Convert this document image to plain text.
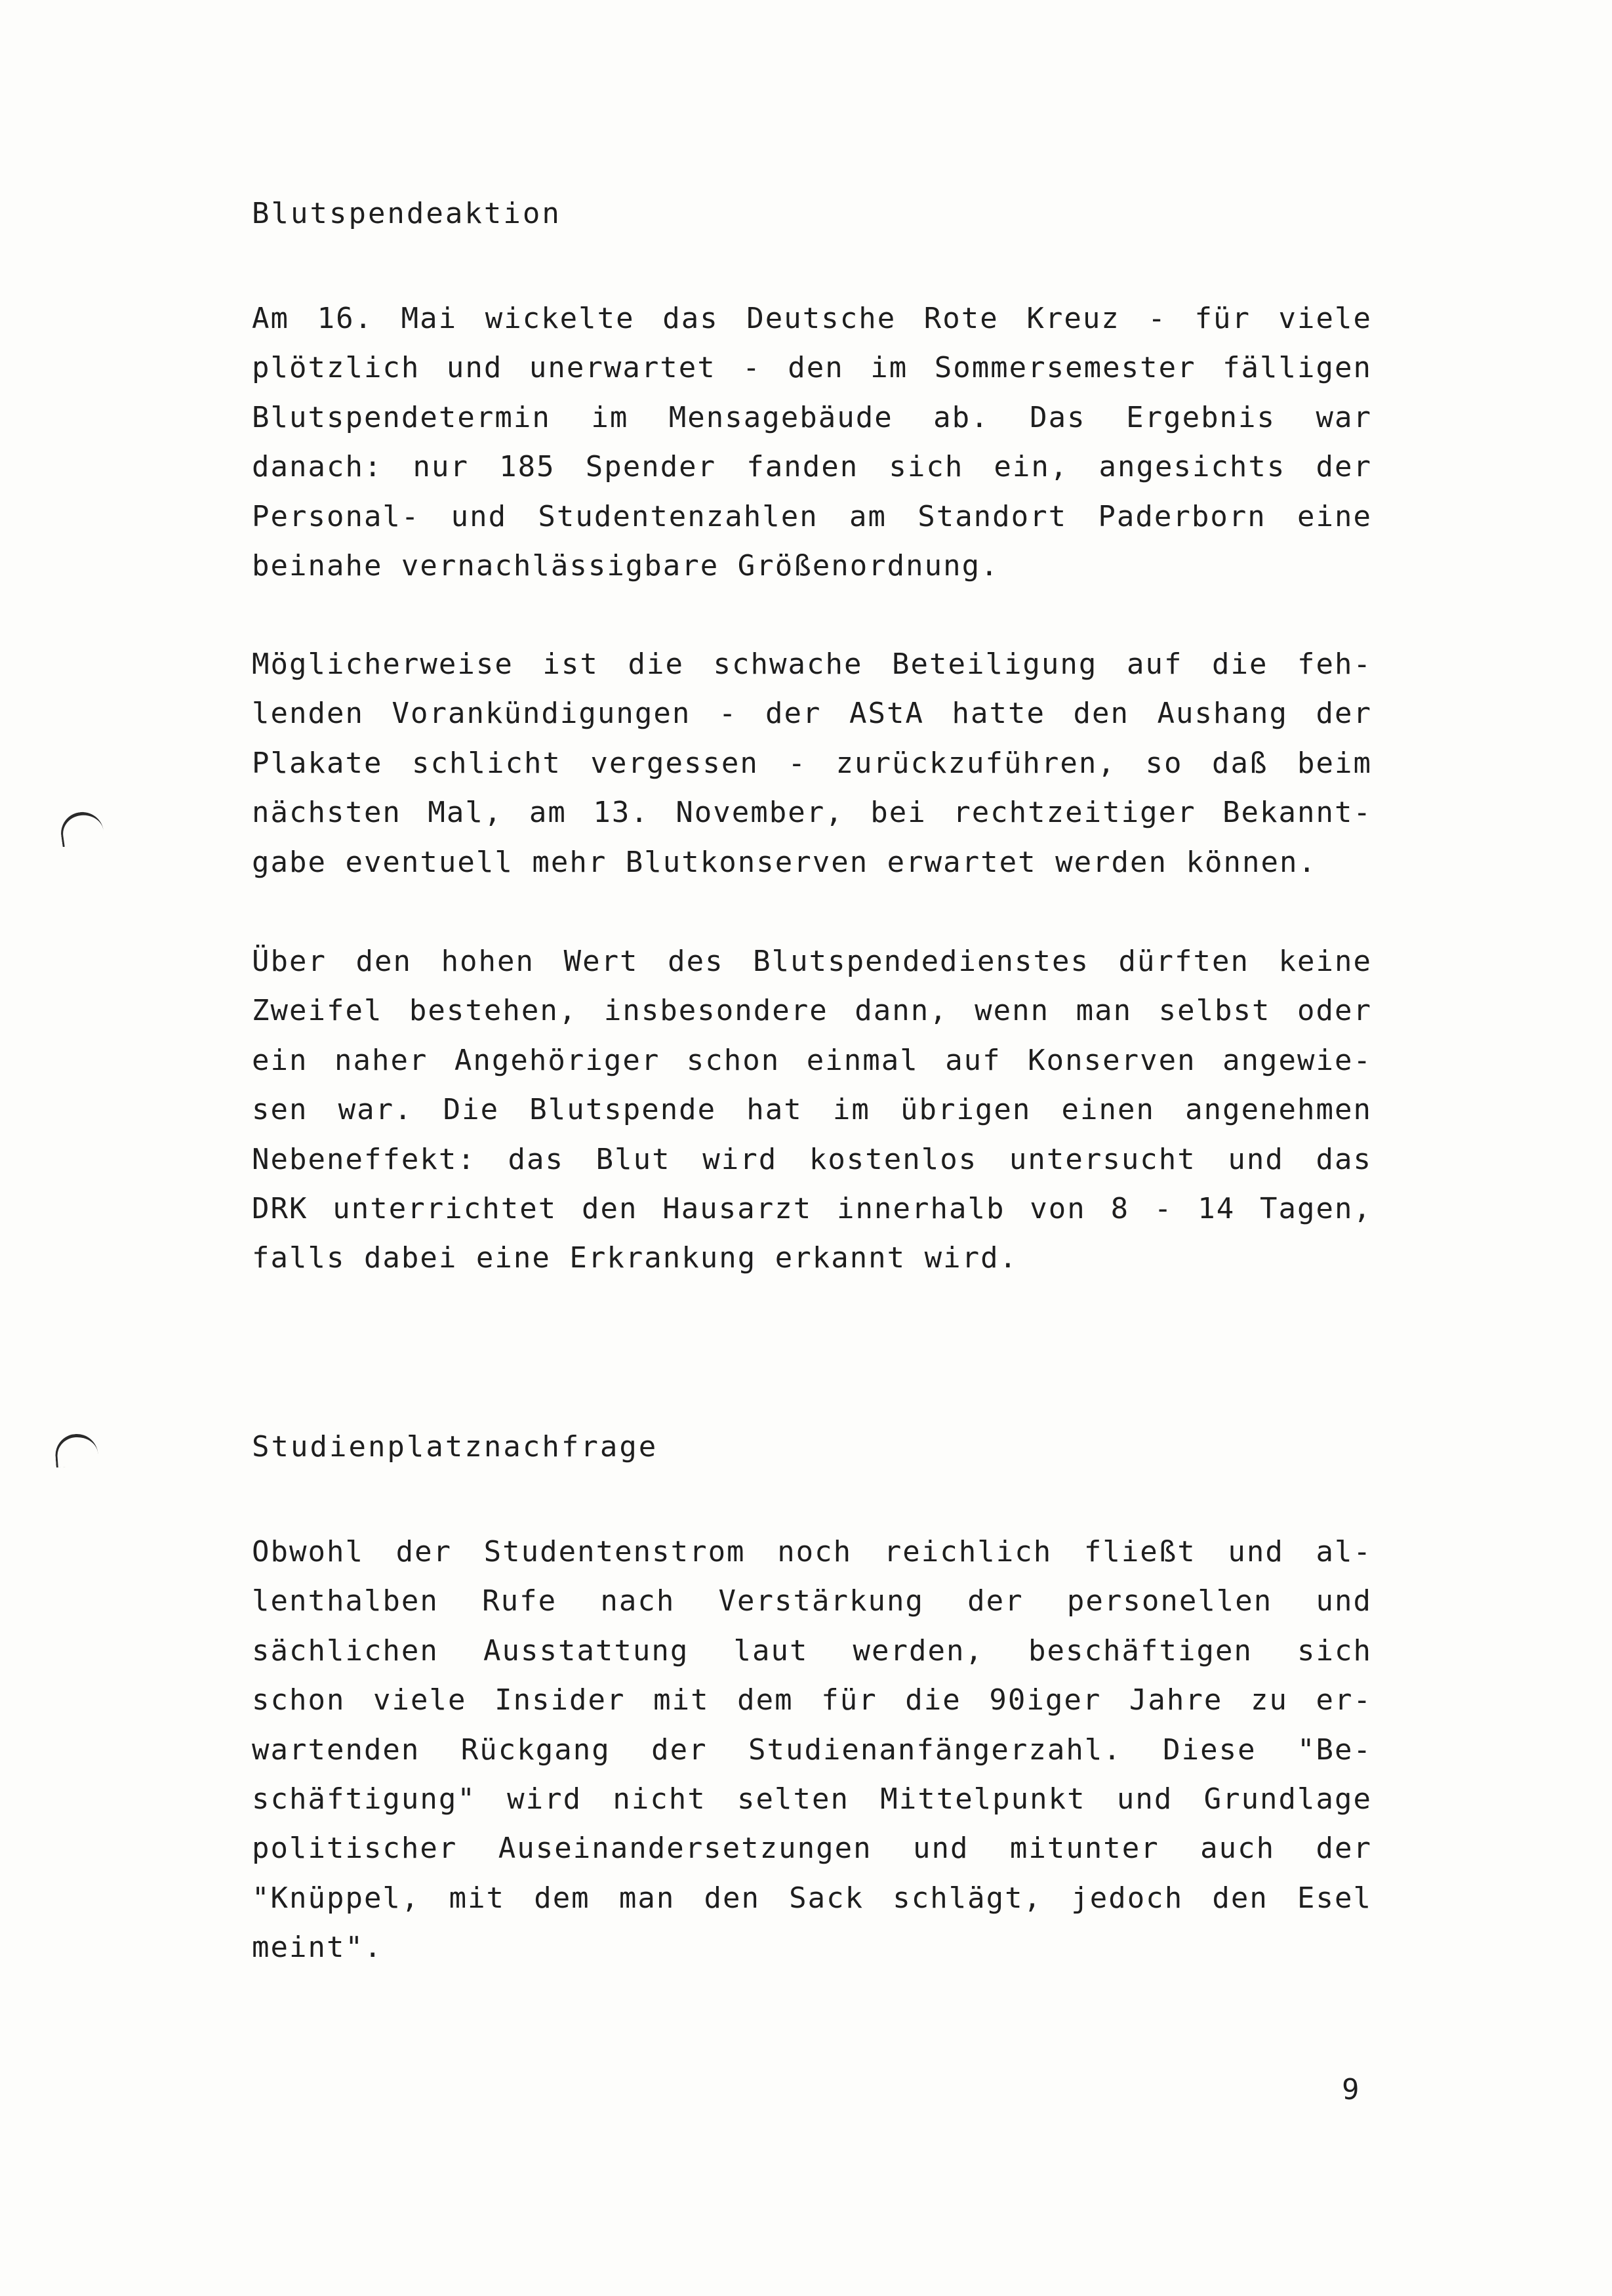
Blutspendeaktion
Am 16. Mai wickelte das Deutsche Rote Kreuz - für viele
plötzlich und unerwartet - den im Sommersemester fälligen
Blutspendetermin im Mensagebäude ab. Das Ergebnis war
danach: nur 185 Spender fanden sich ein, angesichts der
Personal- und Studentenzahlen am Standort Paderborn eine
beinahe vernachlässigbare Größenordnung.
Möglicherweise ist die schwache Beteiligung auf die feh-
lenden Vorankündigungen - der AStA hatte den Aushang der
Plakate schlicht vergessen - zurückzuführen, so daß beim
nächsten Mal, am 13. November, bei rechtzeitiger Bekannt-
gabe eventuell mehr Blutkonserven erwartet werden können.
Über den hohen Wert des Blutspendedienstes dürften keine
Zweifel bestehen, insbesondere dann, wenn man selbst oder
ein naher Angehöriger schon einmal auf Konserven angewie-
sen war. Die Blutspende hat im übrigen einen angenehmen
Nebeneffekt: das Blut wird kostenlos untersucht und das
DRK unterrichtet den Hausarzt innerhalb von 8 - 14 Tagen,
falls dabei eine Erkrankung erkannt wird.
Studienplatznachfrage
Obwohl der Studentenstrom noch reichlich fließt und al-
lenthalben Rufe nach Verstärkung der personellen und
sächlichen Ausstattung laut werden, beschäftigen sich
schon viele Insider mit dem für die 90iger Jahre zu er-
wartenden Rückgang der Studienanfängerzahl. Diese "Be-
schäftigung" wird nicht selten Mittelpunkt und Grundlage
politischer Auseinandersetzungen und mitunter auch der
"Knüppel, mit dem man den Sack schlägt, jedoch den Esel
meint".
9
